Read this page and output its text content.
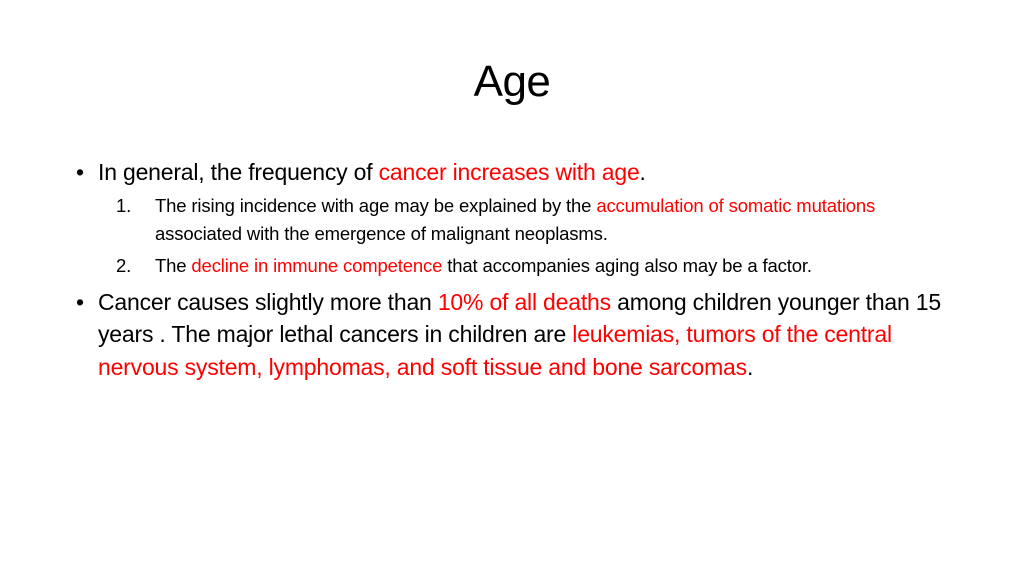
Age
• In general, the frequency of cancer increases with age.
1. The rising incidence with age may be explained by the accumulation of somatic mutations associated with the emergence of malignant neoplasms.
2. The decline in immune competence that accompanies aging also may be a factor.
• Cancer causes slightly more than 10% of all deaths among children younger than 15 years . The major lethal cancers in children are leukemias, tumors of the central nervous system, lymphomas, and soft tissue and bone sarcomas.
